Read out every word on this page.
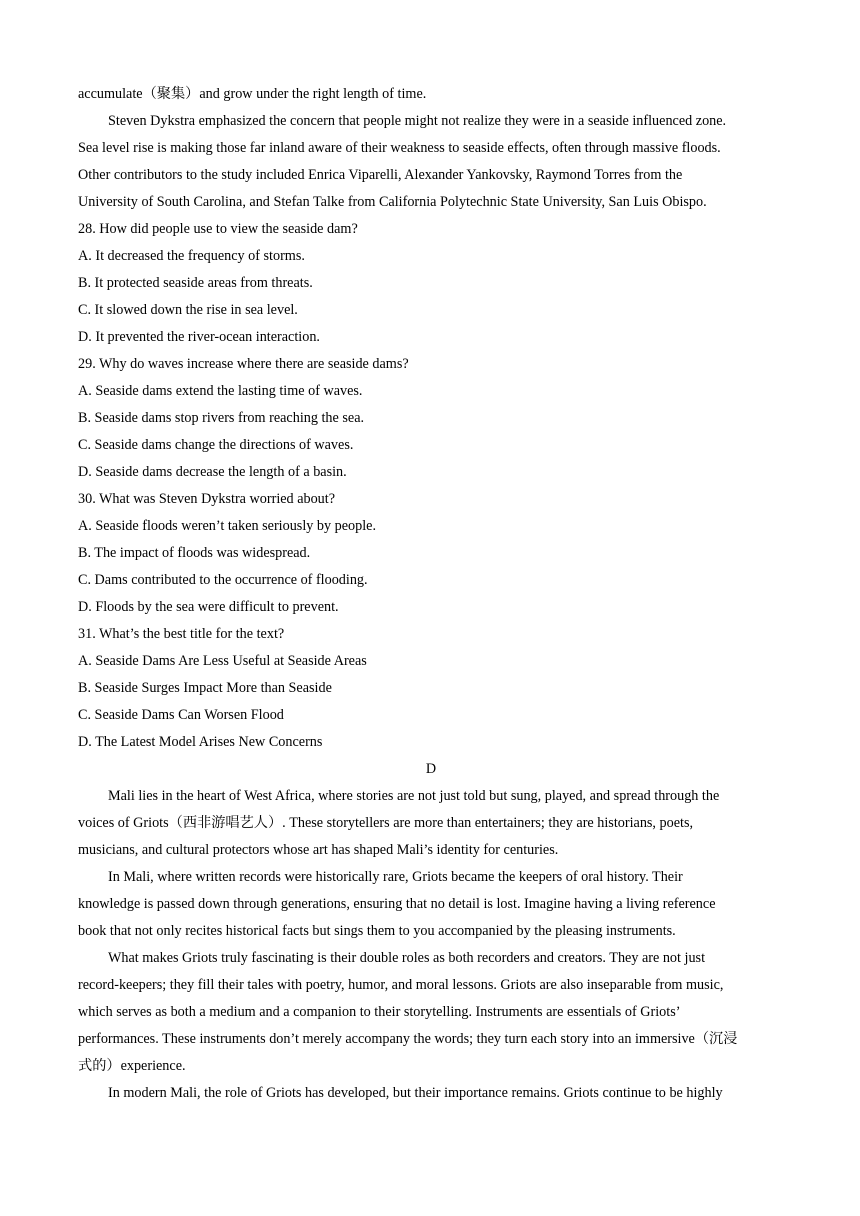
accumulate（聚集）and grow under the right length of time.
Steven Dykstra emphasized the concern that people might not realize they were in a seaside influenced zone.
Sea level rise is making those far inland aware of their weakness to seaside effects, often through massive floods.
Other contributors to the study included Enrica Viparelli, Alexander Yankovsky, Raymond Torres from the
University of South Carolina, and Stefan Talke from California Polytechnic State University, San Luis Obispo.
28. How did people use to view the seaside dam?
A. It decreased the frequency of storms.
B. It protected seaside areas from threats.
C. It slowed down the rise in sea level.
D. It prevented the river-ocean interaction.
29. Why do waves increase where there are seaside dams?
A. Seaside dams extend the lasting time of waves.
B. Seaside dams stop rivers from reaching the sea.
C. Seaside dams change the directions of waves.
D. Seaside dams decrease the length of a basin.
30. What was Steven Dykstra worried about?
A. Seaside floods weren’t taken seriously by people.
B. The impact of floods was widespread.
C. Dams contributed to the occurrence of flooding.
D. Floods by the sea were difficult to prevent.
31. What’s the best title for the text?
A. Seaside Dams Are Less Useful at Seaside Areas
B. Seaside Surges Impact More than Seaside
C. Seaside Dams Can Worsen Flood
D. The Latest Model Arises New Concerns
D
Mali lies in the heart of West Africa, where stories are not just told but sung, played, and spread through the
voices of Griots（西非游唱艺人）. These storytellers are more than entertainers; they are historians, poets,
musicians, and cultural protectors whose art has shaped Mali’s identity for centuries.
In Mali, where written records were historically rare, Griots became the keepers of oral history. Their
knowledge is passed down through generations, ensuring that no detail is lost. Imagine having a living reference
book that not only recites historical facts but sings them to you accompanied by the pleasing instruments.
What makes Griots truly fascinating is their double roles as both recorders and creators. They are not just
record-keepers; they fill their tales with poetry, humor, and moral lessons. Griots are also inseparable from music,
which serves as both a medium and a companion to their storytelling. Instruments are essentials of Griots’
performances. These instruments don’t merely accompany the words; they turn each story into an immersive（沉浸
式的）experience.
In modern Mali, the role of Griots has developed, but their importance remains. Griots continue to be highly
